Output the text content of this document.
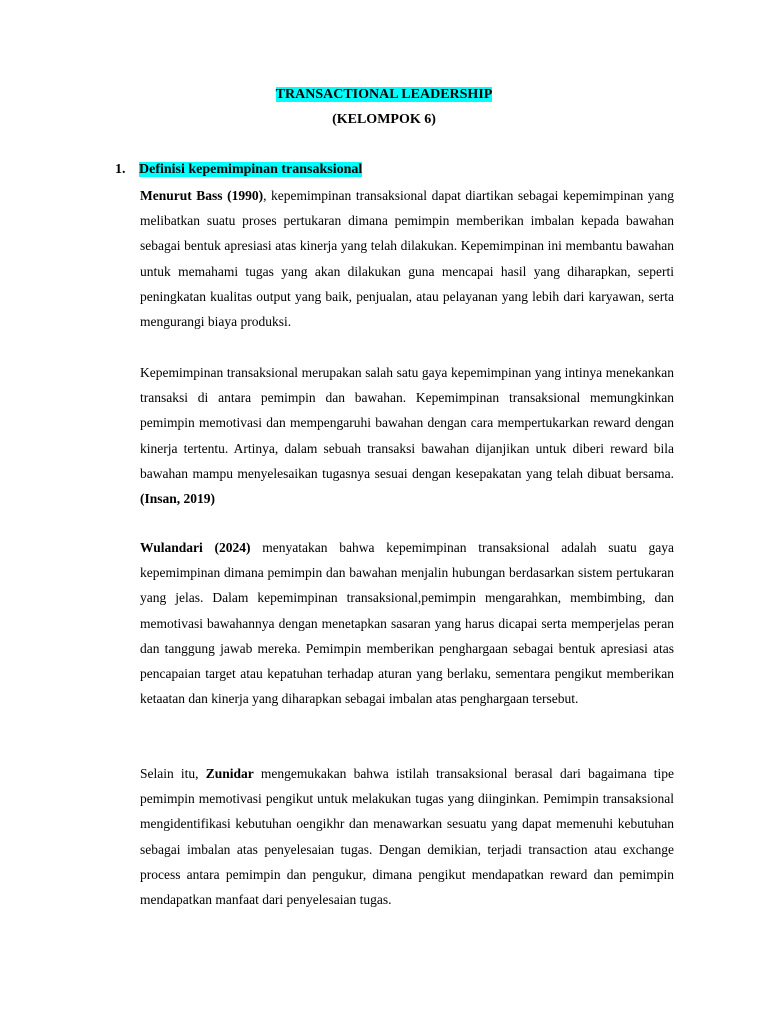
TRANSACTIONAL LEADERSHIP
(KELOMPOK 6)
1. Definisi kepemimpinan transaksional

Menurut Bass (1990), kepemimpinan transaksional dapat diartikan sebagai kepemimpinan yang melibatkan suatu proses pertukaran dimana pemimpin memberikan imbalan kepada bawahan sebagai bentuk apresiasi atas kinerja yang telah dilakukan. Kepemimpinan ini membantu bawahan untuk memahami tugas yang akan dilakukan guna mencapai hasil yang diharapkan, seperti peningkatan kualitas output yang baik, penjualan, atau pelayanan yang lebih dari karyawan, serta mengurangi biaya produksi.

Kepemimpinan transaksional merupakan salah satu gaya kepemimpinan yang intinya menekankan transaksi di antara pemimpin dan bawahan. Kepemimpinan transaksional memungkinkan pemimpin memotivasi dan mempengaruhi bawahan dengan cara mempertukarkan reward dengan kinerja tertentu. Artinya, dalam sebuah transaksi bawahan dijanjikan untuk diberi reward bila bawahan mampu menyelesaikan tugasnya sesuai dengan kesepakatan yang telah dibuat bersama. (Insan, 2019)

Wulandari (2024) menyatakan bahwa kepemimpinan transaksional adalah suatu gaya kepemimpinan dimana pemimpin dan bawahan menjalin hubungan berdasarkan sistem pertukaran yang jelas. Dalam kepemimpinan transaksional,pemimpin mengarahkan, membimbing, dan memotivasi bawahannya dengan menetapkan sasaran yang harus dicapai serta memperjelas peran dan tanggung jawab mereka. Pemimpin memberikan penghargaan sebagai bentuk apresiasi atas pencapaian target atau kepatuhan terhadap aturan yang berlaku, sementara pengikut memberikan ketaatan dan kinerja yang diharapkan sebagai imbalan atas penghargaan tersebut.

Selain itu, Zunidar mengemukakan bahwa istilah transaksional berasal dari bagaimana tipe pemimpin memotivasi pengikut untuk melakukan tugas yang diinginkan. Pemimpin transaksional mengidentifikasi kebutuhan oengikhr dan menawarkan sesuatu yang dapat memenuhi kebutuhan sebagai imbalan atas penyelesaian tugas. Dengan demikian, terjadi transaction atau exchange process antara pemimpin dan pengukur, dimana pengikut mendapatkan reward dan pemimpin mendapatkan manfaat dari penyelesaian tugas.
